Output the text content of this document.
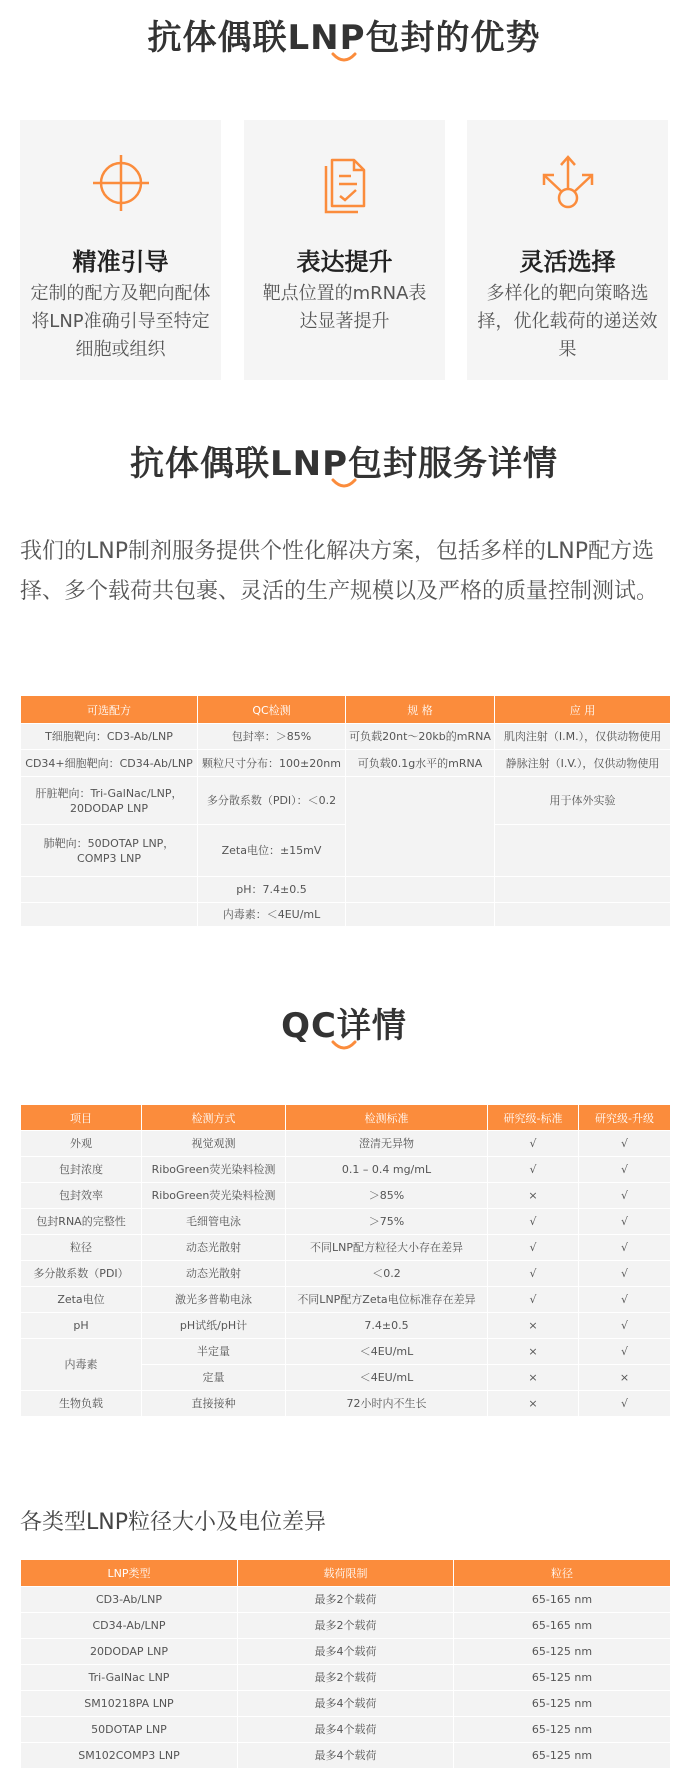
抗体偶联LNP包封的优势
精准引导
定制的配方及靶向配体将LNP准确引导至特定细胞或组织
表达提升
靶点位置的mRNA表达显著提升
灵活选择
多样化的靶向策略选择，优化载荷的递送效果
抗体偶联LNP包封服务详情

我们的LNP制剂服务提供个性化解决方案，包括多样的LNP配方选择、多个载荷共包裹、灵活的生产规模以及严格的质量控制测试。

可选配方	QC检测	规 格	应 用
T细胞靶向：CD3-Ab/LNP	包封率：＞85%	可负载20nt～20kb的mRNA	肌肉注射（I.M.），仅供动物使用
CD34+细胞靶向：CD34-Ab/LNP	颗粒尺寸分布：100±20nm	可负载0.1g水平的mRNA	静脉注射（I.V.），仅供动物使用
肝脏靶向：Tri-GalNac/LNP，20DODAP LNP	多分散系数（PDI）：＜0.2		用于体外实验
肺靶向：50DOTAP LNP，COMP3 LNP	Zeta电位：±15mV		
	pH：7.4±0.5		
	内毒素：＜4EU/mL		
QC详情
项目	检测方式	检测标准	研究级-标准	研究级-升级
外观	视觉观测	澄清无异物	√	√
包封浓度	RiboGreen荧光染料检测	0.1 – 0.4 mg/mL	√	√
包封效率	RiboGreen荧光染料检测	＞85%	×	√
包封RNA的完整性	毛细管电泳	＞75%	√	√
粒径	动态光散射	不同LNP配方粒径大小存在差异	√	√
多分散系数（PDI）	动态光散射	＜0.2	√	√
Zeta电位	激光多普勒电泳	不同LNP配方Zeta电位标准存在差异	√	√
pH	pH试纸/pH计	7.4±0.5	×	√
内毒素	半定量	＜4EU/mL	×	√
	定量	＜4EU/mL	×	×
生物负载	直接接种	72小时内不生长	×	√
各类型LNP粒径大小及电位差异
LNP类型	载荷限制	粒径
CD3-Ab/LNP	最多2个载荷	65-165 nm
CD34-Ab/LNP	最多2个载荷	65-165 nm
20DODAP LNP	最多4个载荷	65-125 nm
Tri-GalNac LNP	最多2个载荷	65-125 nm
SM10218PA LNP	最多4个载荷	65-125 nm
50DOTAP LNP	最多4个载荷	65-125 nm
SM102COMP3 LNP	最多4个载荷	65-125 nm
